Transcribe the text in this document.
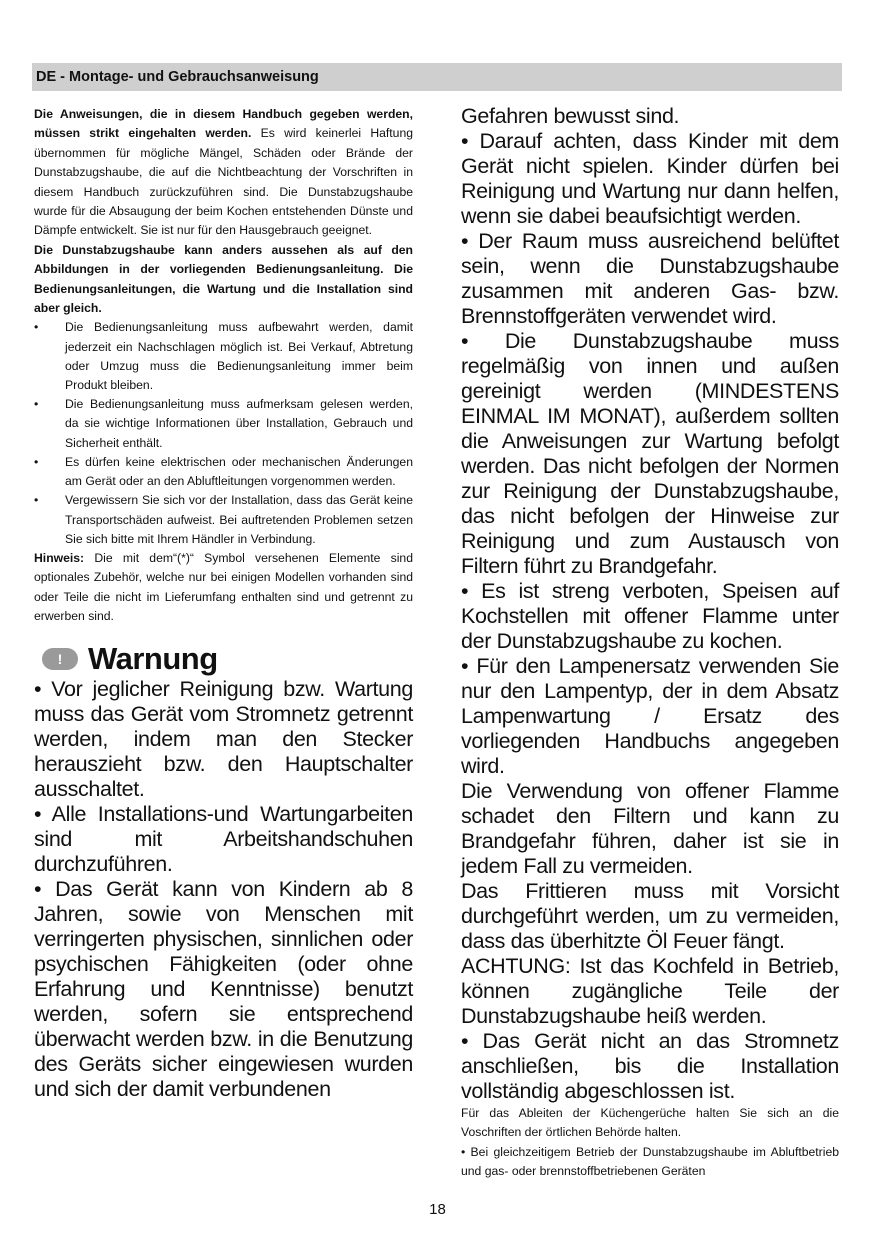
DE - Montage- und Gebrauchsanweisung

Die Anweisungen, die in diesem Handbuch gegeben werden, müssen strikt eingehalten werden. Es wird keinerlei Haftung übernommen für mögliche Mängel, Schäden oder Brände der Dunstabzugshaube, die auf die Nichtbeachtung der Vorschriften in diesem Handbuch zurückzuführen sind. Die Dunstabzugshaube wurde für die Absaugung der beim Kochen entstehenden Dünste und Dämpfe entwickelt. Sie ist nur für den Hausgebrauch geeignet.

Die Dunstabzugshaube kann anders aussehen als auf den Abbildungen in der vorliegenden Bedienungsanleitung. Die Bedienungsanleitungen, die Wartung und die Installation sind aber gleich.

• Die Bedienungsanleitung muss aufbewahrt werden, damit jederzeit ein Nachschlagen möglich ist. Bei Verkauf, Abtretung oder Umzug muss die Bedienungsanleitung immer beim Produkt bleiben.
• Die Bedienungsanleitung muss aufmerksam gelesen werden, da sie wichtige Informationen über Installation, Gebrauch und Sicherheit enthält.
• Es dürfen keine elektrischen oder mechanischen Änderungen am Gerät oder an den Abluftleitungen vorgenommen werden.
• Vergewissern Sie sich vor der Installation, dass das Gerät keine Transportschäden aufweist. Bei auftretenden Problemen setzen Sie sich bitte mit Ihrem Händler in Verbindung.

Hinweis: Die mit dem“(*)“ Symbol versehenen Elemente sind optionales Zubehör, welche nur bei einigen Modellen vorhanden sind oder Teile die nicht im Lieferumfang enthalten sind und getrennt zu erwerben sind.

! Warnung

• Vor jeglicher Reinigung bzw. Wartung muss das Gerät vom Stromnetz getrennt werden, indem man den Stecker herauszieht bzw. den Hauptschalter ausschaltet.

• Alle Installations-und Wartungarbeiten sind mit Arbeitshandschuhen durchzuführen.

• Das Gerät kann von Kindern ab 8 Jahren, sowie von Menschen mit verringerten physischen, sinnlichen oder psychischen Fähigkeiten (oder ohne Erfahrung und Kenntnisse) benutzt werden, sofern sie entsprechend überwacht werden bzw. in die Benutzung des Geräts sicher eingewiesen wurden und sich der damit verbundenen

Gefahren bewusst sind.

• Darauf achten, dass Kinder mit dem Gerät nicht spielen. Kinder dürfen bei Reinigung und Wartung nur dann helfen, wenn sie dabei beaufsichtigt werden.

• Der Raum muss ausreichend belüftet sein, wenn die Dunstabzugshaube zusammen mit anderen Gas- bzw. Brennstoffgeräten verwendet wird.

• Die Dunstabzugshaube muss regelmäßig von innen und außen gereinigt werden (MINDESTENS EINMAL IM MONAT), außerdem sollten die Anweisungen zur Wartung befolgt werden. Das nicht befolgen der Normen zur Reinigung der Dunstabzugshaube, das nicht befolgen der Hinweise zur Reinigung und zum Austausch von Filtern führt zu Brandgefahr.

• Es ist streng verboten, Speisen auf Kochstellen mit offener Flamme unter der Dunstabzugshaube zu kochen.

• Für den Lampenersatz verwenden Sie nur den Lampentyp, der in dem Absatz Lampenwartung / Ersatz des vorliegenden Handbuchs angegeben wird.

Die Verwendung von offener Flamme schadet den Filtern und kann zu Brandgefahr führen, daher ist sie in jedem Fall zu vermeiden.

Das Frittieren muss mit Vorsicht durchgeführt werden, um zu vermeiden, dass das überhitzte Öl Feuer fängt.

ACHTUNG: Ist das Kochfeld in Betrieb, können zugängliche Teile der Dunstabzugshaube heiß werden.

• Das Gerät nicht an das Stromnetz anschließen, bis die Installation vollständig abgeschlossen ist.

Für das Ableiten der Küchengerüche halten Sie sich an die Voschriften der örtlichen Behörde halten.

• Bei gleichzeitigem Betrieb der Dunstabzugshaube im Abluftbetrieb und gas- oder brennstoffbetriebenen Geräten

18
